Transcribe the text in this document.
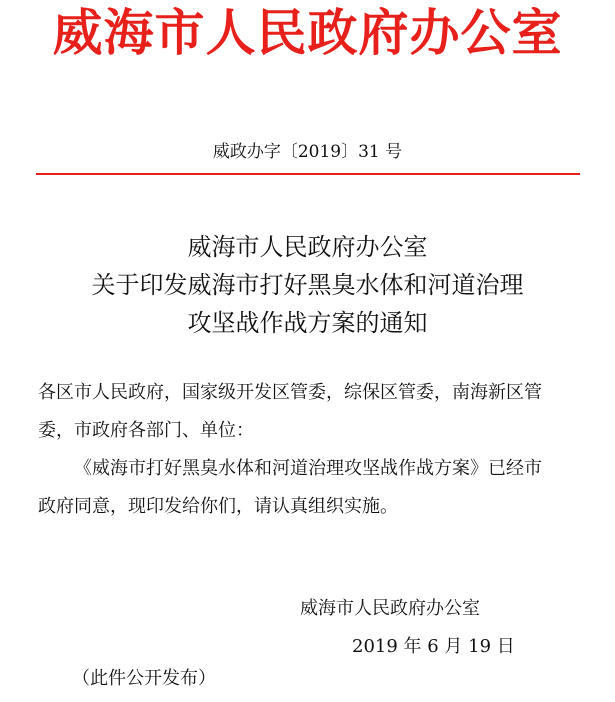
威海市人民政府办公室
威政办字〔2019〕31 号
威海市人民政府办公室
关于印发威海市打好黑臭水体和河道治理
攻坚战作战方案的通知
各区市人民政府，国家级开发区管委，综保区管委，南海新区管
委，市政府各部门、单位：
《威海市打好黑臭水体和河道治理攻坚战作战方案》已经市
政府同意，现印发给你们，请认真组织实施。
威海市人民政府办公室
2019 年 6 月 19 日
（此件公开发布）
